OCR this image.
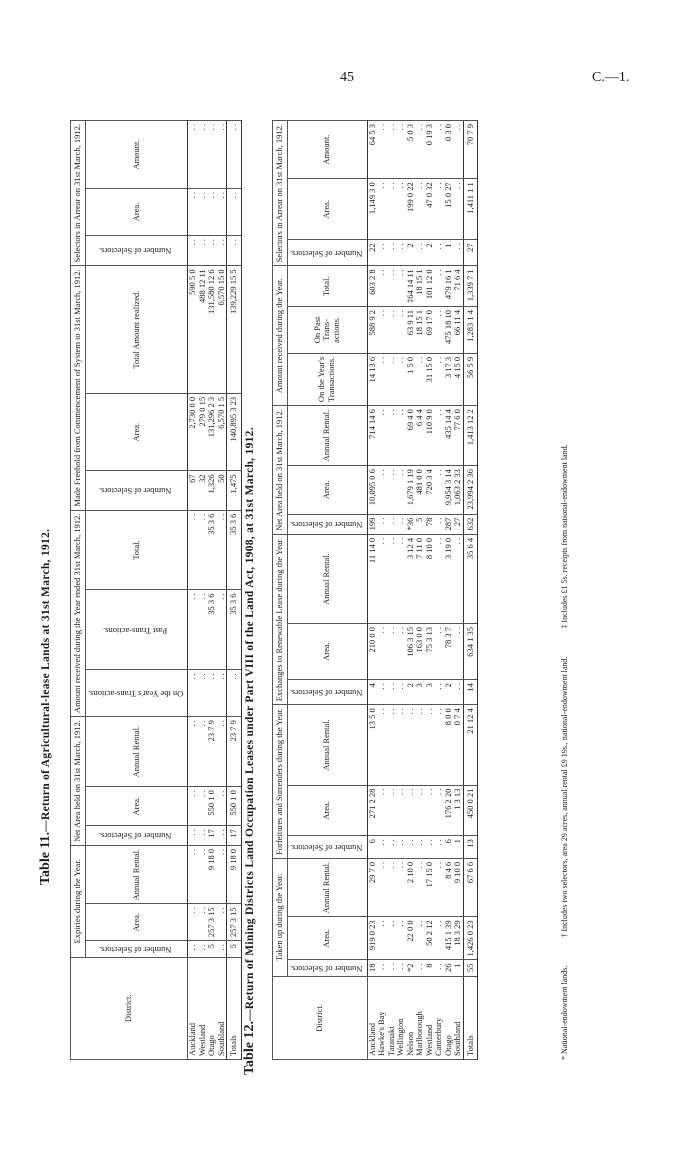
45	C.—1.
Table 11.—Return of Agricultural-lease Lands at 31st March, 1912.
District.	Expiries during the Year.			Net Area held on 31st March, 1912.			Amount received during the Year ended 31st March, 1912.			Made Freehold from Commencement of System to 31st March, 1912.			Selectors in Arrear on 31st March, 1912.		
	Number of Selectors.	Area.	Annual Rental.	Number of Selectors.	Area.	Annual Rental.	On the Year's Trans-actions.	Past Trans-actions.	Total.	Number of Selectors.	Area.	Total Amount realized.	Number of Selectors.	Area.	Amount.
Auckland	. .	. .	. .	. .	. .	. .	. .	. .	. .	67	2,730 0 0	590 5 0	. .	. .	. .
Westland	. .	. .	. .	. .	. .	. .	. .	. .	. .	32	279 0 15	488 12 11	. .	. .	. .
Otago	5	257 3 15	9 18 0	17	550 1 0	23 7 9	. .	35 3 6	35 3 6	1,326	131,296 2 3	131,580 12 6	. .	. .	. .
Southland	. .	. .	. .	. .	. .	. .	. .	. .	. .	50	6,570 1 5	6,570 15 0	. .	. .	. .
Totals	5	257 3 15	9 18 0	17	550 1 0	23 7 9	. .	35 3 6	35 3 6	1,475	140,895 3 23	139,229 15 5	. .	. .	. .
Table 12.—Return of Mining Districts Land Occupation Leases under Part VIII of the Land Act, 1908, at 31st March, 1912.	District.	Taken up during the Year.			Forfeitures and Surrenders during the Year.			Exchanges to Renewable Lease during the Year.			Net Area held on 31st March, 1912.			Amount received during the Year.			Selectors in Arrear on 31st March, 1912.		
	Number of Selectors.	Area.	Annual Rental.	Number of Selectors.	Area.	Annual Rental.	Number of Selectors.	Area.	Annual Rental.	Number of Selectors.	Area.	Annual Rental.	On the Year's Transactions.	On Past Trans-actions.	Total.	Number of Selectors.	Area.	Amount.
Auckland	18	919 0 23	29 7 0	6	271 2 28	13 5 0	4	210 0 0	11 14 0	199	10,095 0 6	714 14 6	14 13 6	588 9 2	603 2 8	22	1,149 3 0	64 5 3
Hawke's Bay	. .	. .	. .	. .	. .	. .	. .	. .	. .	. .	. .	. .	. .	. .	. .	. .	. .	. .
Taranaki	. .	. .	. .	. .	. .	. .	. .	. .	. .	. .	. .	. .	. .	. .	. .	. .	. .	. .
Wellington	. .	. .	. .	. .	. .	. .	. .	. .	. .	. .	. .	. .	. .	. .	. .	. .	. .	. .
Nelson	*2	22 0 0	2 10 0	. .	. .	. .	2	106 3 15	3 12 4	*36	1,679 1 19	69 4 0	1 5 0	63 9 11	‡64 14 11	2	199 0 22	5 0 3
Marlborough	. .	. .	. .	. .	. .	. .	3	163 0 0	7 11 0	5	481 0 0	6 4 4	. .	18 15 1	18 15 1	. .	. .	. .
Westland	8	50 2 12	17 15 0	. .	. .	. .	3	75 3 13	8 10 0	78	720 3 4	110 9 0	31 15 0	69 17 0	101 12 0	2	47 0 32	0 19 3
Canterbury	. .	. .	. .	. .	. .	. .	. .	. .	. .	. .	. .	. .	. .	. .	. .	. .	. .	. .
Otago	26	415 1 39	8 4 6	6	176 2 20	8 0 0	2	78 3 7	3 19 0	287	9,954 3 14	435 14 4	3 17 3	475 18 10	479 16 1	1	15 0 27	0 3 0
Southland	1	18 3 29	9 10 0	1	1 3 13	0 7 4	. .	. .	. .	27	1,063 2 33	77 6 0	4 15 0	66 11 4	71 6 4	. .	. .	. .
Totals	55	1,426 0 23	67 6 6	13	450 0 21	21 12 4	14	634 1 35	35 6 4	632	23,994 2 36	1,413 12 2	56 5 9	1,283 1 4	1,339 7 1	27	1,411 1 1	70 7 9
* National-endowment lands. † Includes two selectors, area 29 acres, annual rental £9 19s., national-endowment land. ‡ Includes £1 5s. receipts from national-endowment land.
